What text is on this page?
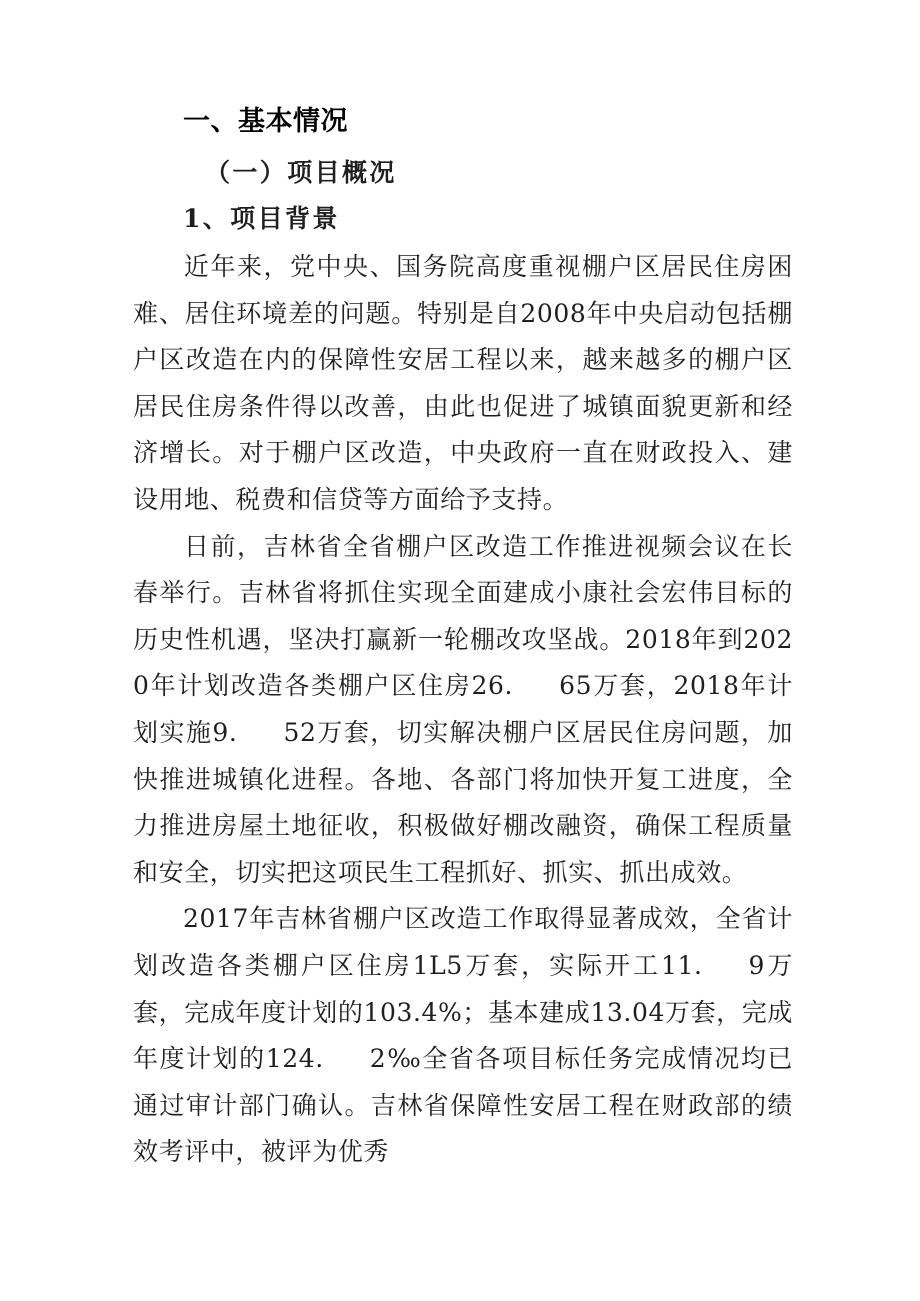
一、基本情况
（一）项目概况
1、项目背景

近年来，党中央、国务院高度重视棚户区居民住房困难、居住环境差的问题。特别是自2008年中央启动包括棚户区改造在内的保障性安居工程以来，越来越多的棚户区居民住房条件得以改善，由此也促进了城镇面貌更新和经济增长。对于棚户区改造，中央政府一直在财政投入、建设用地、税费和信贷等方面给予支持。

日前，吉林省全省棚户区改造工作推进视频会议在长春举行。吉林省将抓住实现全面建成小康社会宏伟目标的历史性机遇，坚决打赢新一轮棚改攻坚战。2018年到2020年计划改造各类棚户区住房26. 65万套，2018年计划实施9. 52万套，切实解决棚户区居民住房问题，加快推进城镇化进程。各地、各部门将加快开复工进度，全力推进房屋土地征收，积极做好棚改融资，确保工程质量和安全，切实把这项民生工程抓好、抓实、抓出成效。

2017年吉林省棚户区改造工作取得显著成效，全省计划改造各类棚户区住房1L5万套，实际开工11. 9万套，完成年度计划的103.4%；基本建成13.04万套，完成年度计划的124. 2‰全省各项目标任务完成情况均已通过审计部门确认。吉林省保障性安居工程在财政部的绩效考评中，被评为优秀
